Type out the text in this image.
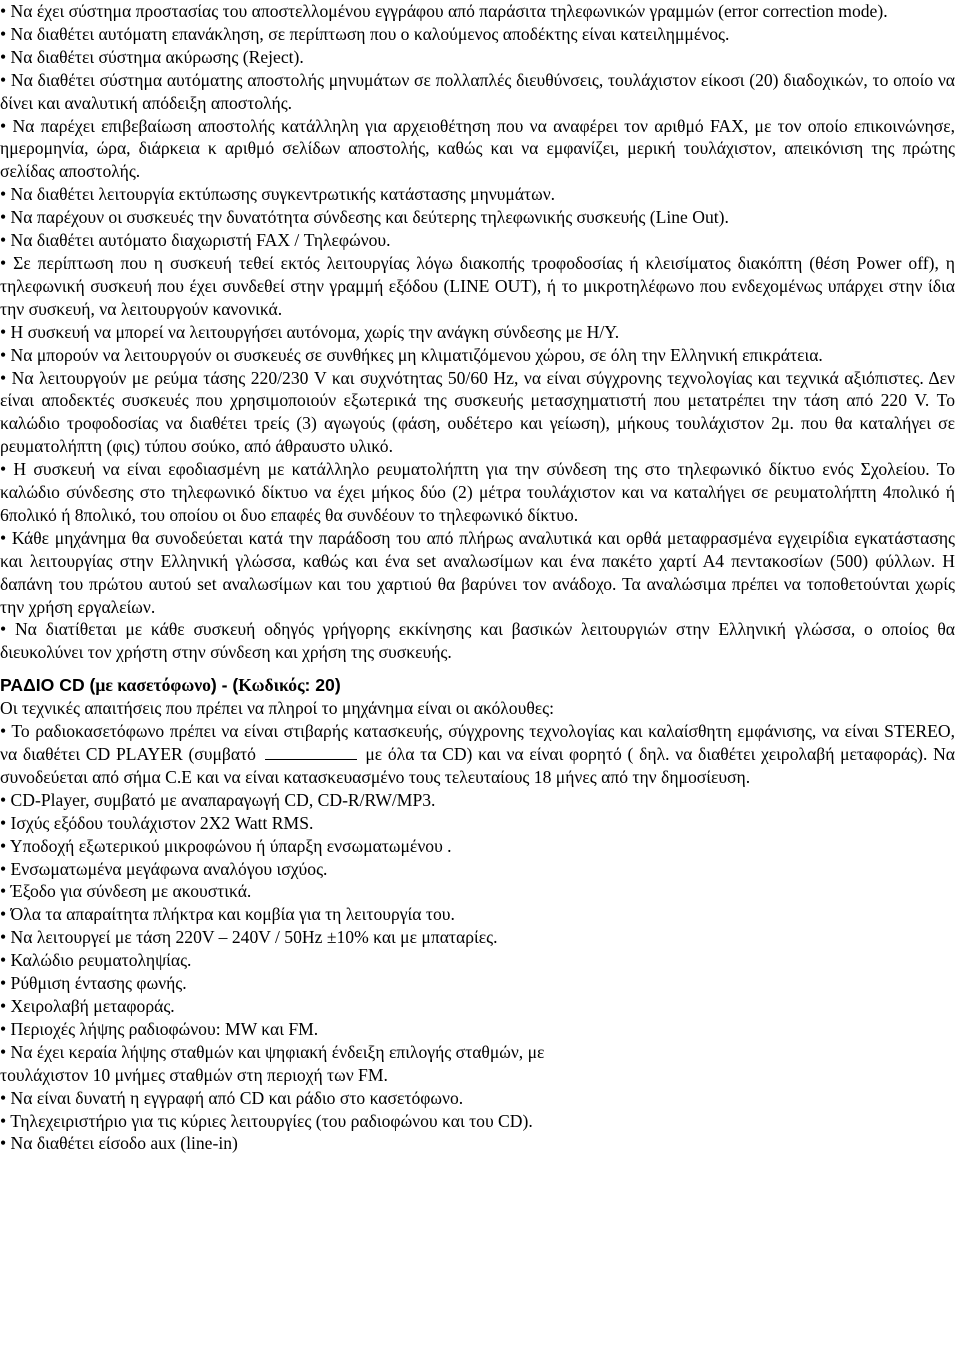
• Να έχει σύστημα προστασίας του αποστελλομένου εγγράφου από παράσιτα τηλεφωνικών γραμμών (error correction mode).

• Να διαθέτει αυτόματη επανάκληση, σε περίπτωση που ο καλούμενος αποδέκτης είναι κατειλημμένος.

• Να διαθέτει σύστημα ακύρωσης (Reject).

• Να διαθέτει σύστημα αυτόματης αποστολής μηνυμάτων σε πολλαπλές διευθύνσεις, τουλάχιστον είκοσι (20) διαδοχικών, το οποίο να δίνει και αναλυτική απόδειξη αποστολής.

• Να παρέχει επιβεβαίωση αποστολής κατάλληλη για αρχειοθέτηση που να αναφέρει τον αριθμό FAX, με τον οποίο επικοινώνησε, ημερομηνία, ώρα, διάρκεια κ αριθμό σελίδων αποστολής, καθώς και να εμφανίζει, μερική τουλάχιστον, απεικόνιση της πρώτης σελίδας αποστολής.

• Να διαθέτει λειτουργία εκτύπωσης συγκεντρωτικής κατάστασης μηνυμάτων.

• Να παρέχουν οι συσκευές την δυνατότητα σύνδεσης και δεύτερης τηλεφωνικής συσκευής (Line Out).

• Να διαθέτει αυτόματο διαχωριστή FAX / Τηλεφώνου.

• Σε περίπτωση που η συσκευή τεθεί εκτός λειτουργίας λόγω διακοπής τροφοδοσίας ή κλεισίματος διακόπτη (θέση Power off), η τηλεφωνική συσκευή που έχει συνδεθεί στην γραμμή εξόδου (LINE OUT), ή το μικροτηλέφωνο που ενδεχομένως υπάρχει στην ίδια την συσκευή, να λειτουργούν κανονικά.

• Η συσκευή να μπορεί να λειτουργήσει αυτόνομα, χωρίς την ανάγκη σύνδεσης με Η/Υ.

• Να μπορούν να λειτουργούν οι συσκευές σε συνθήκες μη κλιματιζόμενου χώρου, σε όλη την Ελληνική επικράτεια.

• Να λειτουργούν με ρεύμα τάσης 220/230 V και συχνότητας 50/60 Hz, να είναι σύγχρονης τεχνολογίας και τεχνικά αξιόπιστες. Δεν είναι αποδεκτές συσκευές που χρησιμοποιούν εξωτερικά της συσκευής μετασχηματιστή που μετατρέπει την τάση από 220 V. Το καλώδιο τροφοδοσίας να διαθέτει τρείς (3) αγωγούς (φάση, ουδέτερο και γείωση), μήκους τουλάχιστον 2μ. που θα καταλήγει σε ρευματολήπτη (φις) τύπου σούκο, από άθραυστο υλικό.

• Η συσκευή να είναι εφοδιασμένη με κατάλληλο ρευματολήπτη για την σύνδεση της στο τηλεφωνικό δίκτυο ενός Σχολείου. Το καλώδιο σύνδεσης στο τηλεφωνικό δίκτυο να έχει μήκος δύο (2) μέτρα τουλάχιστον και να καταλήγει σε ρευματολήπτη 4πολικό ή 6πολικό ή 8πολικό, του οποίου οι δυο επαφές θα συνδέουν το τηλεφωνικό δίκτυο.

• Κάθε μηχάνημα θα συνοδεύεται κατά την παράδοση του από πλήρως αναλυτικά και ορθά μεταφρασμένα εγχειρίδια εγκατάστασης και λειτουργίας στην Ελληνική γλώσσα, καθώς και ένα set αναλωσίμων και ένα πακέτο χαρτί Α4 πεντακοσίων (500) φύλλων. Η δαπάνη του πρώτου αυτού set αναλωσίμων και του χαρτιού θα βαρύνει τον ανάδοχο. Τα αναλώσιμα πρέπει να τοποθετούνται χωρίς την χρήση εργαλείων.

• Να διατίθεται με κάθε συσκευή οδηγός γρήγορης εκκίνησης και βασικών λειτουργιών στην Ελληνική γλώσσα, ο οποίος θα διευκολύνει τον χρήστη στην σύνδεση και χρήση της συσκευής.

ΡΑΔΙΟ CD (με κασετόφωνο) - (Κωδικός: 20)

Οι τεχνικές απαιτήσεις που πρέπει να πληροί το μηχάνημα είναι οι ακόλουθες:

• Το ραδιοκασετόφωνο πρέπει να είναι στιβαρής κατασκευής, σύγχρονης τεχνολογίας και καλαίσθητη εμφάνισης, να είναι STEREO, να διαθέτει CD PLAYER (συμβατό	με όλα τα CD) και να είναι φορητό ( δηλ. να διαθέτει χειρολαβή μεταφοράς). Να συνοδεύεται από σήμα C.E και να είναι κατασκευασμένο τους τελευταίους 18 μήνες από την δημοσίευση.

• CD-Player, συμβατό με αναπαραγωγή CD, CD-R/RW/MP3.

• Ισχύς εξόδου τουλάχιστον 2Χ2 Watt RMS.

• Υποδοχή εξωτερικού μικροφώνου ή ύπαρξη ενσωματωμένου .

• Ενσωματωμένα μεγάφωνα αναλόγου ισχύος.

• Έξοδο για σύνδεση με ακουστικά.

• Όλα τα απαραίτητα πλήκτρα και κομβία για τη λειτουργία του.

• Να λειτουργεί με τάση 220V – 240V / 50Hz ±10% και με μπαταρίες.

• Καλώδιο ρευματοληψίας.

• Ρύθμιση έντασης φωνής.

• Χειρολαβή μεταφοράς.

• Περιοχές λήψης ραδιοφώνου: MW και FM.

• Να έχει κεραία λήψης σταθμών και ψηφιακή ένδειξη επιλογής σταθμών, με

τουλάχιστον 10 μνήμες σταθμών στη περιοχή των FM.

• Να είναι δυνατή η εγγραφή από CD και ράδιο στο κασετόφωνο.

• Τηλεχειριστήριο για τις κύριες λειτουργίες (του ραδιοφώνου και του CD).

• Να διαθέτει είσοδο aux (line-in)
